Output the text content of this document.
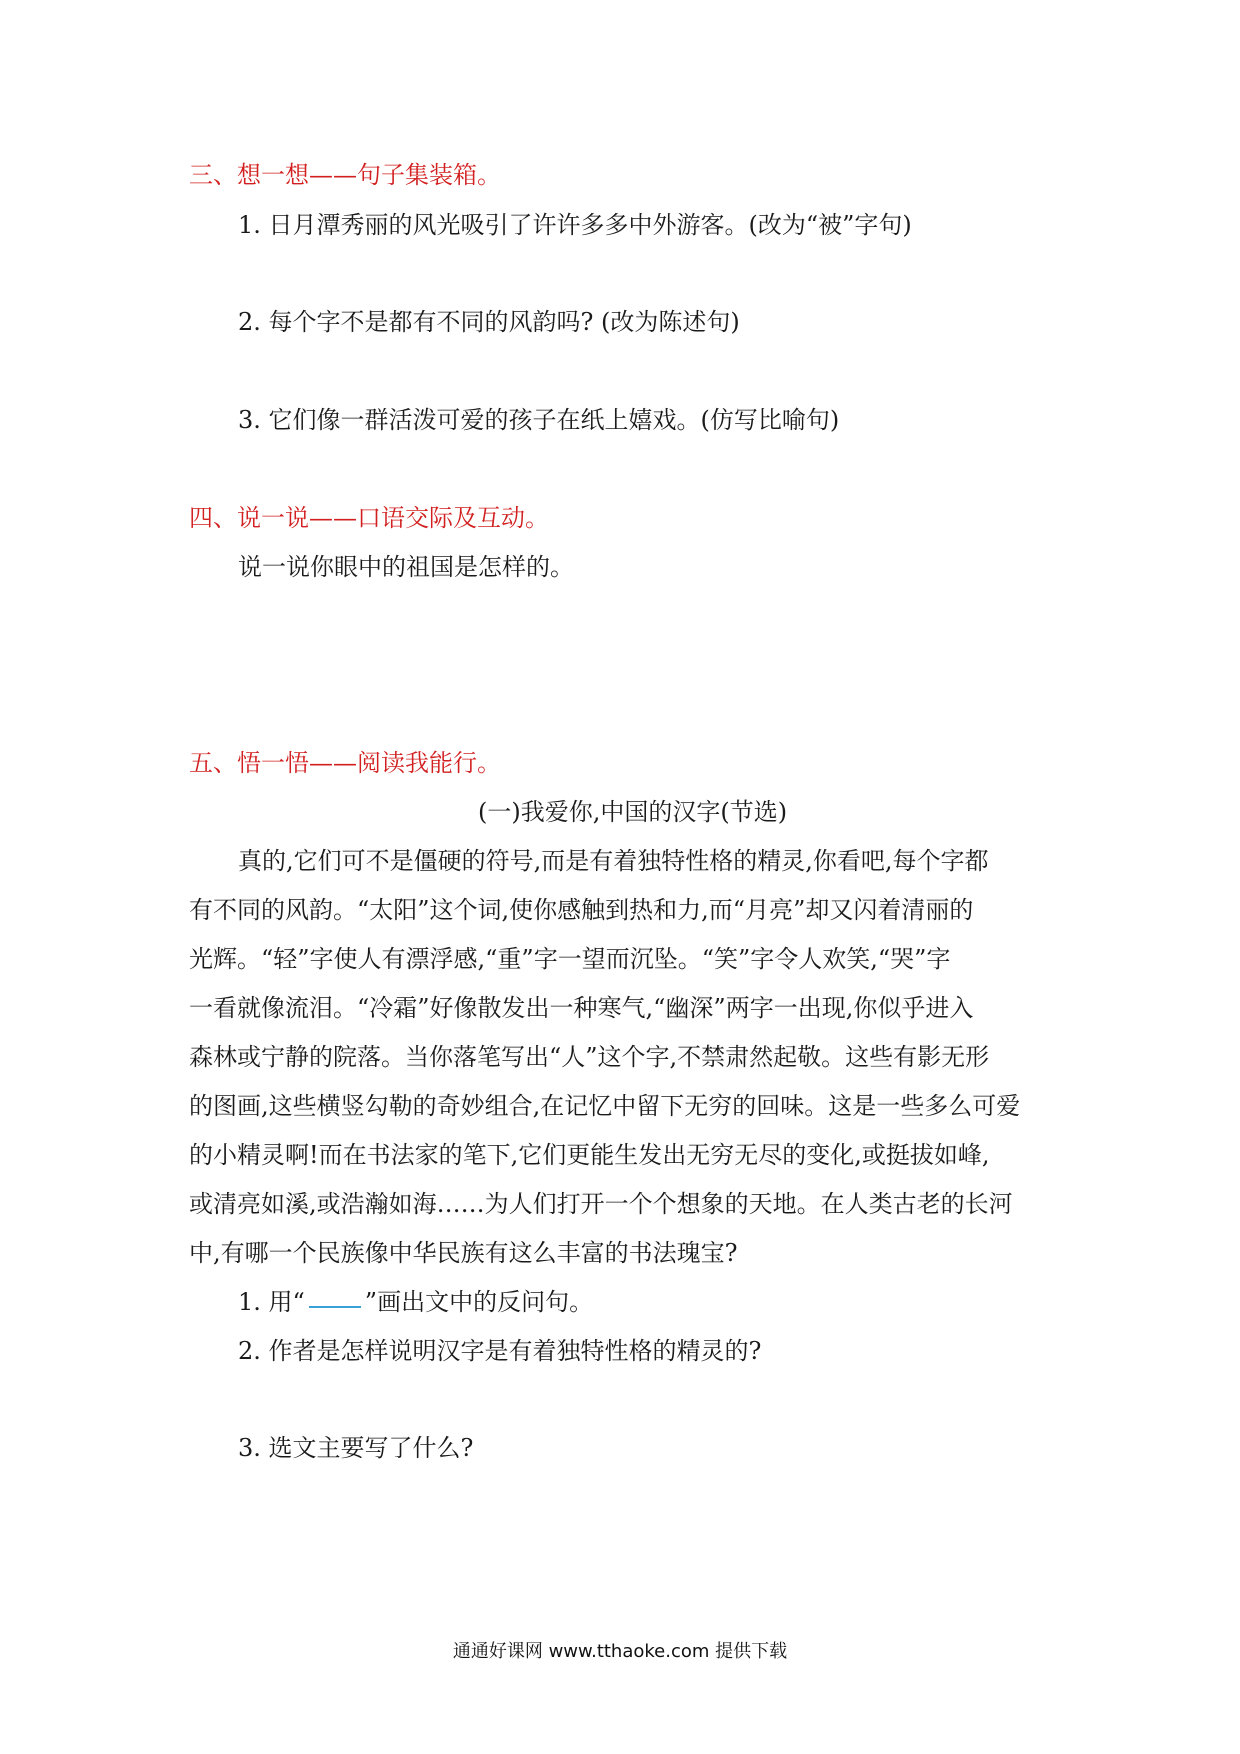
三、想一想——句子集装箱。
1. 日月潭秀丽的风光吸引了许许多多中外游客。(改为“被”字句)
2. 每个字不是都有不同的风韵吗? (改为陈述句)
3. 它们像一群活泼可爱的孩子在纸上嬉戏。(仿写比喻句)
四、说一说——口语交际及互动。
说一说你眼中的祖国是怎样的。
五、悟一悟——阅读我能行。
(一)我爱你,中国的汉字(节选)
真的,它们可不是僵硬的符号,而是有着独特性格的精灵,你看吧,每个字都
有不同的风韵。“太阳”这个词,使你感触到热和力,而“月亮”却又闪着清丽的
光辉。“轻”字使人有漂浮感,“重”字一望而沉坠。“笑”字令人欢笑,“哭”字
一看就像流泪。“冷霜”好像散发出一种寒气,“幽深”两字一出现,你似乎进入
森林或宁静的院落。当你落笔写出“人”这个字,不禁肃然起敬。这些有影无形
的图画,这些横竖勾勒的奇妙组合,在记忆中留下无穷的回味。这是一些多么可爱
的小精灵啊!而在书法家的笔下,它们更能生发出无穷无尽的变化,或挺拔如峰,
或清亮如溪,或浩瀚如海……为人们打开一个个想象的天地。在人类古老的长河
中,有哪一个民族像中华民族有这么丰富的书法瑰宝?
1. 用“	”画出文中的反问句。
2. 作者是怎样说明汉字是有着独特性格的精灵的?
3. 选文主要写了什么?
通通好课网 www.tthaoke.com 提供下载
